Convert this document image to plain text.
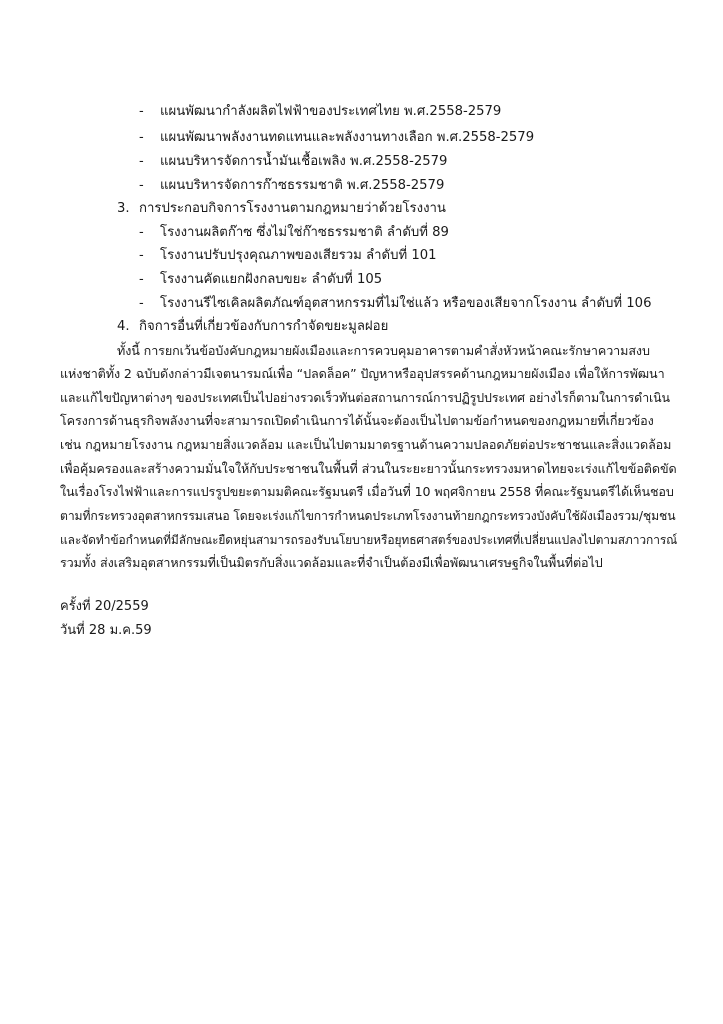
- แผนพัฒนากำลังผลิตไฟฟ้าของประเทศไทย พ.ศ.2558-2579
- แผนพัฒนาพลังงานทดแทนและพลังงานทางเลือก พ.ศ.2558-2579
- แผนบริหารจัดการน้ำมันเชื้อเพลิง พ.ศ.2558-2579
- แผนบริหารจัดการก๊าซธรรมชาติ พ.ศ.2558-2579
3. การประกอบกิจการโรงงานตามกฎหมายว่าด้วยโรงงาน
- โรงงานผลิตก๊าซ ซึ่งไม่ใช่ก๊าซธรรมชาติ ลำดับที่ 89
- โรงงานปรับปรุงคุณภาพของเสียรวม ลำดับที่ 101
- โรงงานคัดแยกฝังกลบขยะ ลำดับที่ 105
- โรงงานรีไซเคิลผลิตภัณฑ์อุตสาหกรรมที่ไม่ใช่แล้ว หรือของเสียจากโรงงาน ลำดับที่ 106
4. กิจการอื่นที่เกี่ยวข้องกับการกำจัดขยะมูลฝอย
ทั้งนี้ การยกเว้นข้อบังคับกฎหมายผังเมืองและการควบคุมอาคารตามคำสั่งหัวหน้าคณะรักษาความสงบ
แห่งชาติทั้ง 2 ฉบับดังกล่าวมีเจตนารมณ์เพื่อ “ปลดล็อค” ปัญหาหรืออุปสรรคด้านกฎหมายผังเมือง เพื่อให้การพัฒนา
และแก้ไขปัญหาต่างๆ ของประเทศเป็นไปอย่างรวดเร็วทันต่อสถานการณ์การปฏิรูปประเทศ อย่างไรก็ตามในการดำเนิน
โครงการด้านธุรกิจพลังงานที่จะสามารถเปิดดำเนินการได้นั้นจะต้องเป็นไปตามข้อกำหนดของกฎหมายที่เกี่ยวข้อง
เช่น กฎหมายโรงงาน กฎหมายสิ่งแวดล้อม และเป็นไปตามมาตรฐานด้านความปลอดภัยต่อประชาชนและสิ่งแวดล้อม
เพื่อคุ้มครองและสร้างความมั่นใจให้กับประชาชนในพื้นที่ ส่วนในระยะยาวนั้นกระทรวงมหาดไทยจะเร่งแก้ไขข้อติดขัด
ในเรื่องโรงไฟฟ้าและการแปรรูปขยะตามมติคณะรัฐมนตรี เมื่อวันที่ 10 พฤศจิกายน 2558 ที่คณะรัฐมนตรีได้เห็นชอบ
ตามที่กระทรวงอุตสาหกรรมเสนอ โดยจะเร่งแก้ไขการกำหนดประเภทโรงงานท้ายกฎกระทรวงบังคับใช้ผังเมืองรวม/ชุมชน
และจัดทำข้อกำหนดที่มีลักษณะยืดหยุ่นสามารถรองรับนโยบายหรือยุทธศาสตร์ของประเทศที่เปลี่ยนแปลงไปตามสภาวการณ์
รวมทั้ง ส่งเสริมอุตสาหกรรมที่เป็นมิตรกับสิ่งแวดล้อมและที่จำเป็นต้องมีเพื่อพัฒนาเศรษฐกิจในพื้นที่ต่อไป
ครั้งที่ 20/2559
วันที่ 28 ม.ค.59
